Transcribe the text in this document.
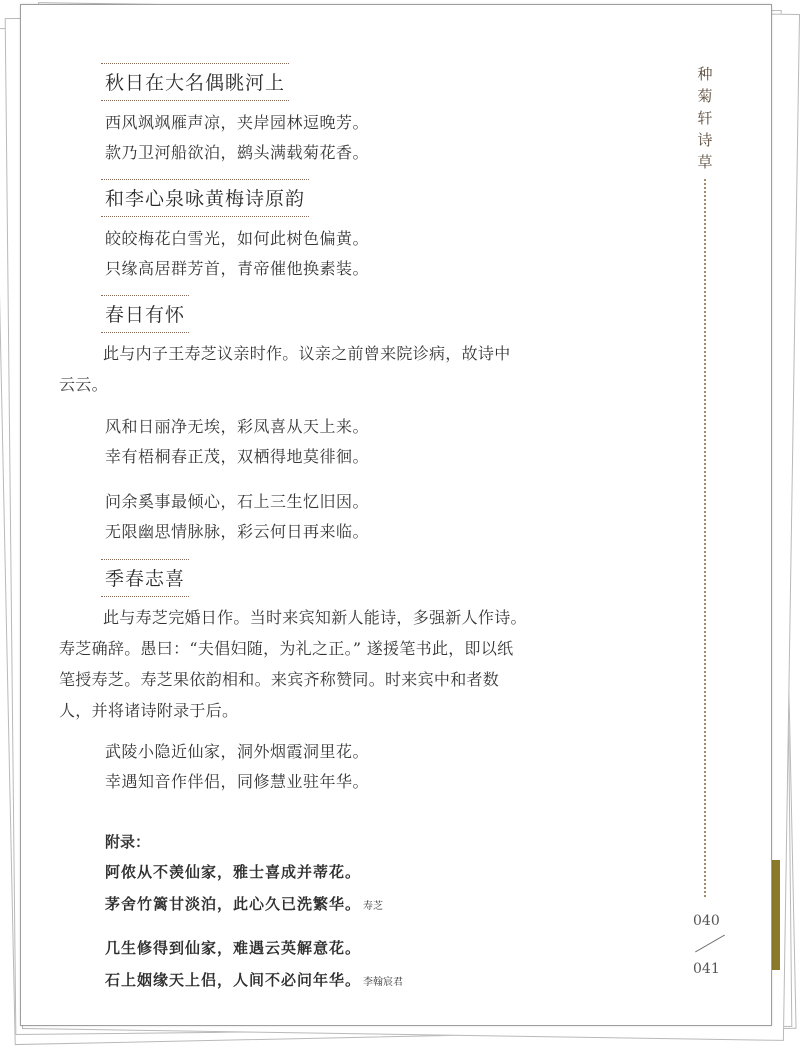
秋日在大名偶眺河上
西风飒飒雁声凉，夹岸园林逗晚芳。
款乃卫河船欲泊，鹚头满载菊花香。
和李心泉咏黄梅诗原韵
皎皎梅花白雪光，如何此树色偏黄。
只缘高居群芳首，青帝催他换素装。
春日有怀
此与内子王寿芝议亲时作。议亲之前曾来院诊病，故诗中
云云。
风和日丽净无埃，彩凤喜从天上来。
幸有梧桐春正茂，双栖得地莫徘徊。
问余奚事最倾心，石上三生忆旧因。
无限幽思情脉脉，彩云何日再来临。
季春志喜
此与寿芝完婚日作。当时来宾知新人能诗，多强新人作诗。
寿芝确辞。愚曰：“夫倡妇随，为礼之正。” 遂援笔书此，即以纸
笔授寿芝。寿芝果依韵相和。来宾齐称赞同。时来宾中和者数
人，并将诸诗附录于后。
武陵小隐近仙家，洞外烟霞洞里花。
幸遇知音作伴侣，同修慧业驻年华。
附录：
阿侬从不羡仙家，雅士喜成并蒂花。
茅舍竹篱甘淡泊，此心久已洗繁华。 寿芝
几生修得到仙家，难遇云英解意花。
石上姻缘天上侣，人间不必问年华。 李翰宸君
种
菊
轩
诗
草
040
041
